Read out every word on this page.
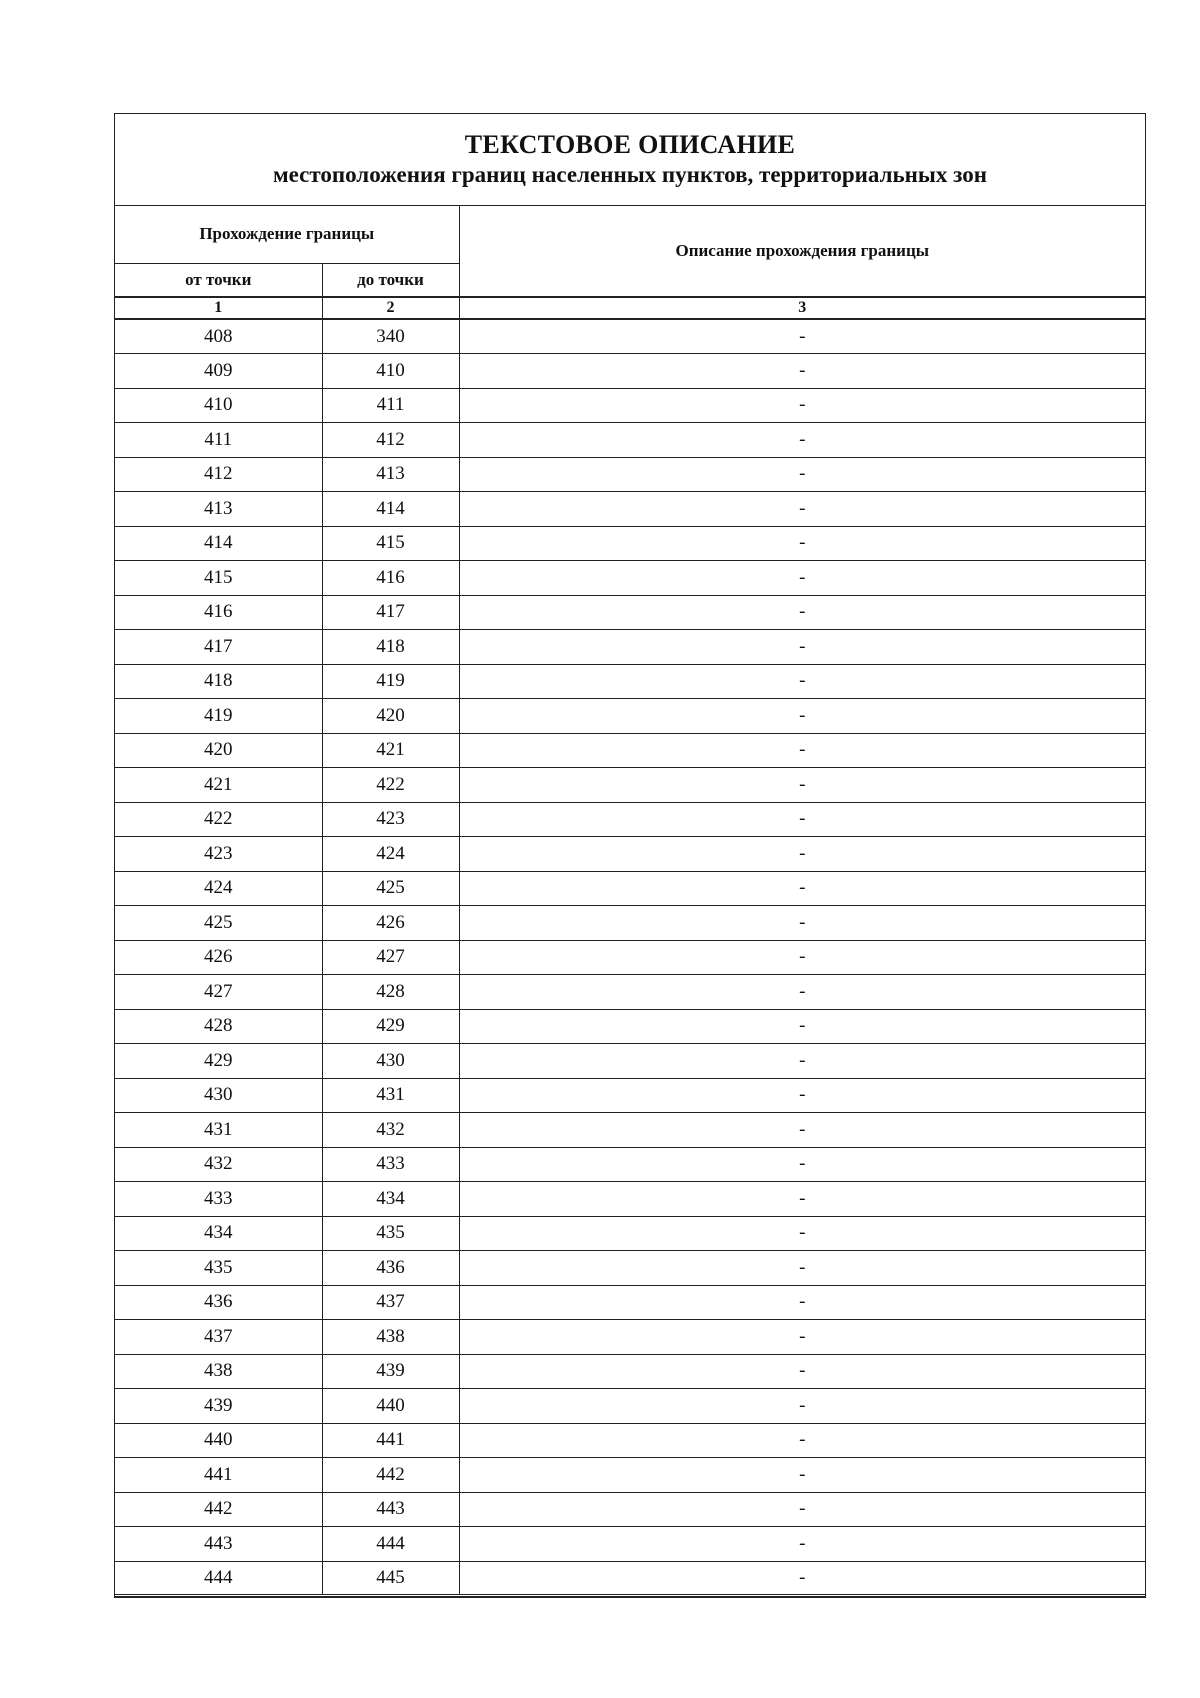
ТЕКСТОВОЕ ОПИСАНИЕ
местоположения границ населенных пунктов, территориальных зон
Прохождение границы		Описание прохождения границы
от точки	до точки	
1	2	3
408	340	-
409	410	-
410	411	-
411	412	-
412	413	-
413	414	-
414	415	-
415	416	-
416	417	-
417	418	-
418	419	-
419	420	-
420	421	-
421	422	-
422	423	-
423	424	-
424	425	-
425	426	-
426	427	-
427	428	-
428	429	-
429	430	-
430	431	-
431	432	-
432	433	-
433	434	-
434	435	-
435	436	-
436	437	-
437	438	-
438	439	-
439	440	-
440	441	-
441	442	-
442	443	-
443	444	-
444	445	-
